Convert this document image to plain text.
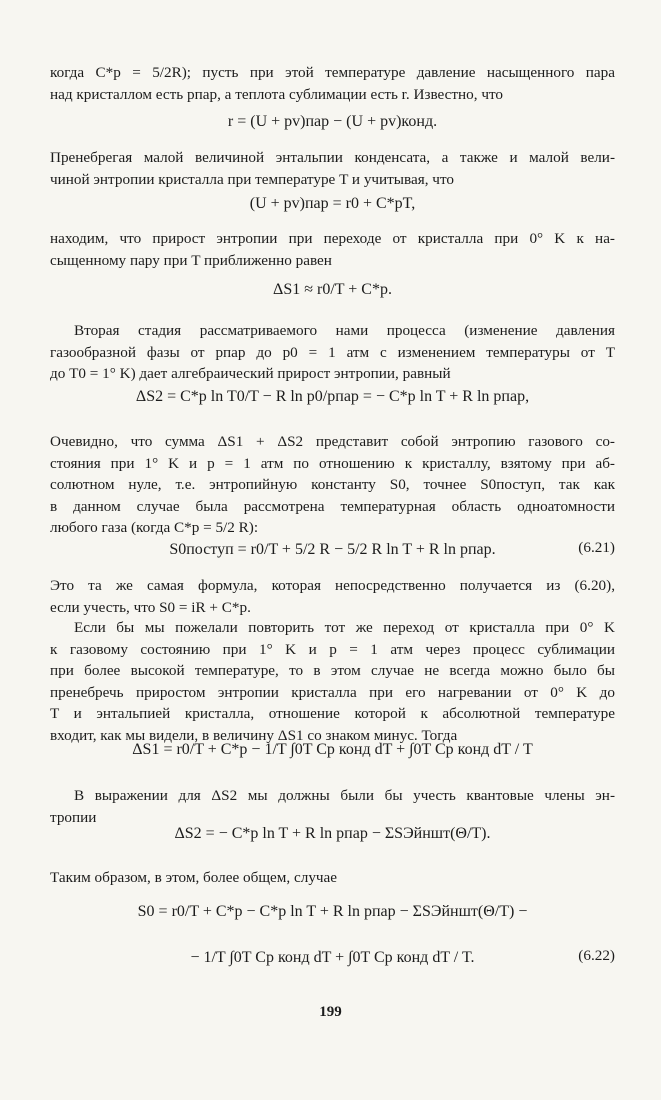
когда C*p = 5/2R); пусть при этой температуре давление насыщенного пара
над кристаллом есть pпар, а теплота сублимации есть r. Известно, что
r = (U + pv)пар − (U + pv)конд.
Пренебрегая малой величиной энтальпии конденсата, а также и малой вели-
чиной энтропии кристалла при температуре T и учитывая, что
(U + pv)пар = r0 + C*pT,
находим, что прирост энтропии при переходе от кристалла при 0° K к на-
сыщенному пару при T приближенно равен
ΔS1 ≈ r0/T + C*p.
Вторая стадия рассматриваемого нами процесса (изменение давления
газообразной фазы от pпар до p0 = 1 атм с изменением температуры от T
до T0 = 1° K) дает алгебраический прирост энтропии, равный
ΔS2 = C*p ln T0/T − R ln p0/pпар = − C*p ln T + R ln pпар,
Очевидно, что сумма ΔS1 + ΔS2 представит собой энтропию газового со-
стояния при 1° K и p = 1 атм по отношению к кристаллу, взятому при аб-
солютном нуле, т.е. энтропийную константу S0, точнее S0поступ, так как
в данном случае была рассмотрена температурная область одноатомности
любого газа (когда C*p = 5/2 R):
S0поступ = r0/T + 5/2 R − 5/2 R ln T + R ln pпар.	(6.21)
Это та же самая формула, которая непосредственно получается из (6.20),
если учесть, что S0 = iR + C*p.
Если бы мы пожелали повторить тот же переход от кристалла при 0° K
к газовому состоянию при 1° K и p = 1 атм через процесс сублимации
при более высокой температуре, то в этом случае не всегда можно было бы
пренебречь приростом энтропии кристалла при его нагревании от 0° K до
T и энтальпией кристалла, отношение которой к абсолютной температуре
входит, как мы видели, в величину ΔS1 со знаком минус. Тогда
ΔS1 = r0/T + C*p − 1/T ∫0T Cp конд dT + ∫0T Cp конд dT / T
В выражении для ΔS2 мы должны были бы учесть квантовые члены эн-
тропии
ΔS2 = − C*p ln T + R ln pпар − ΣSЭйншт(Θ/T).
Таким образом, в этом, более общем, случае
S0 = r0/T + C*p − C*p ln T + R ln pпар − ΣSЭйншт(Θ/T) −
− 1/T ∫0T Cp конд dT + ∫0T Cp конд dT / T.	(6.22)
199
